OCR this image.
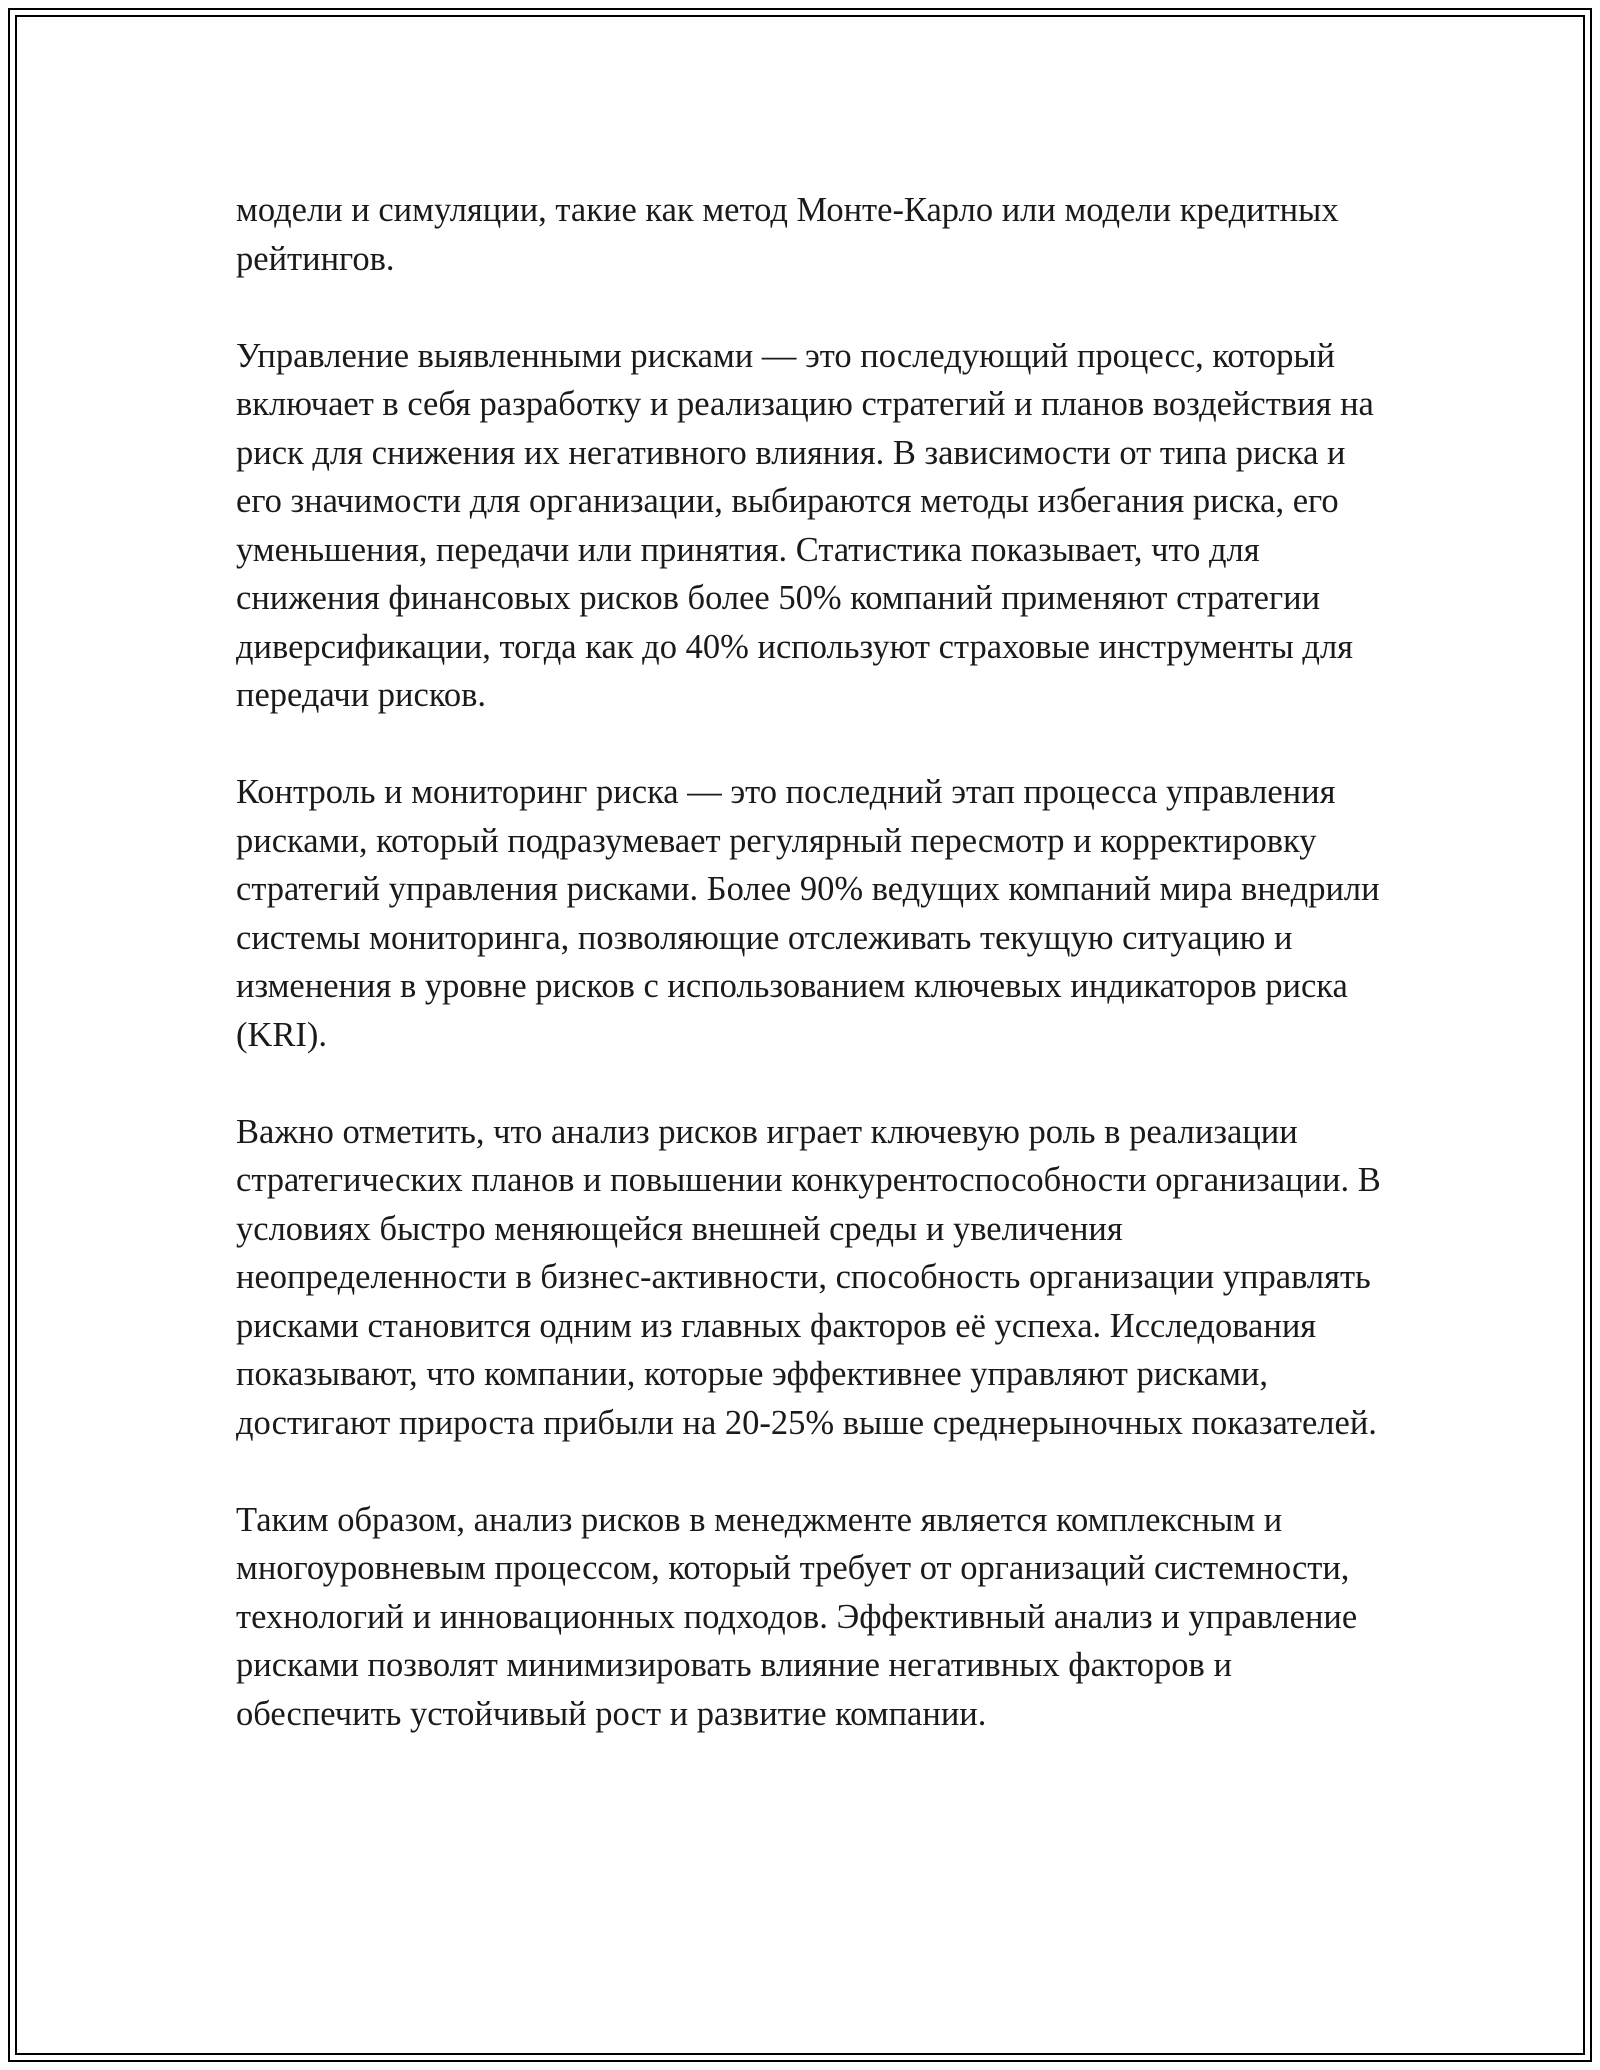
модели и симуляции, такие как метод Монте-Карло или модели кредитных рейтингов.

Управление выявленными рисками — это последующий процесс, который включает в себя разработку и реализацию стратегий и планов воздействия на риск для снижения их негативного влияния. В зависимости от типа риска и его значимости для организации, выбираются методы избегания риска, его уменьшения, передачи или принятия. Статистика показывает, что для снижения финансовых рисков более 50% компаний применяют стратегии диверсификации, тогда как до 40% используют страховые инструменты для передачи рисков.

Контроль и мониторинг риска — это последний этап процесса управления рисками, который подразумевает регулярный пересмотр и корректировку стратегий управления рисками. Более 90% ведущих компаний мира внедрили системы мониторинга, позволяющие отслеживать текущую ситуацию и изменения в уровне рисков с использованием ключевых индикаторов риска (KRI).

Важно отметить, что анализ рисков играет ключевую роль в реализации стратегических планов и повышении конкурентоспособности организации. В условиях быстро меняющейся внешней среды и увеличения неопределенности в бизнес-активности, способность организации управлять рисками становится одним из главных факторов её успеха. Исследования показывают, что компании, которые эффективнее управляют рисками, достигают прироста прибыли на 20-25% выше среднерыночных показателей.

Таким образом, анализ рисков в менеджменте является комплексным и многоуровневым процессом, который требует от организаций системности, технологий и инновационных подходов. Эффективный анализ и управление рисками позволят минимизировать влияние негативных факторов и обеспечить устойчивый рост и развитие компании.
